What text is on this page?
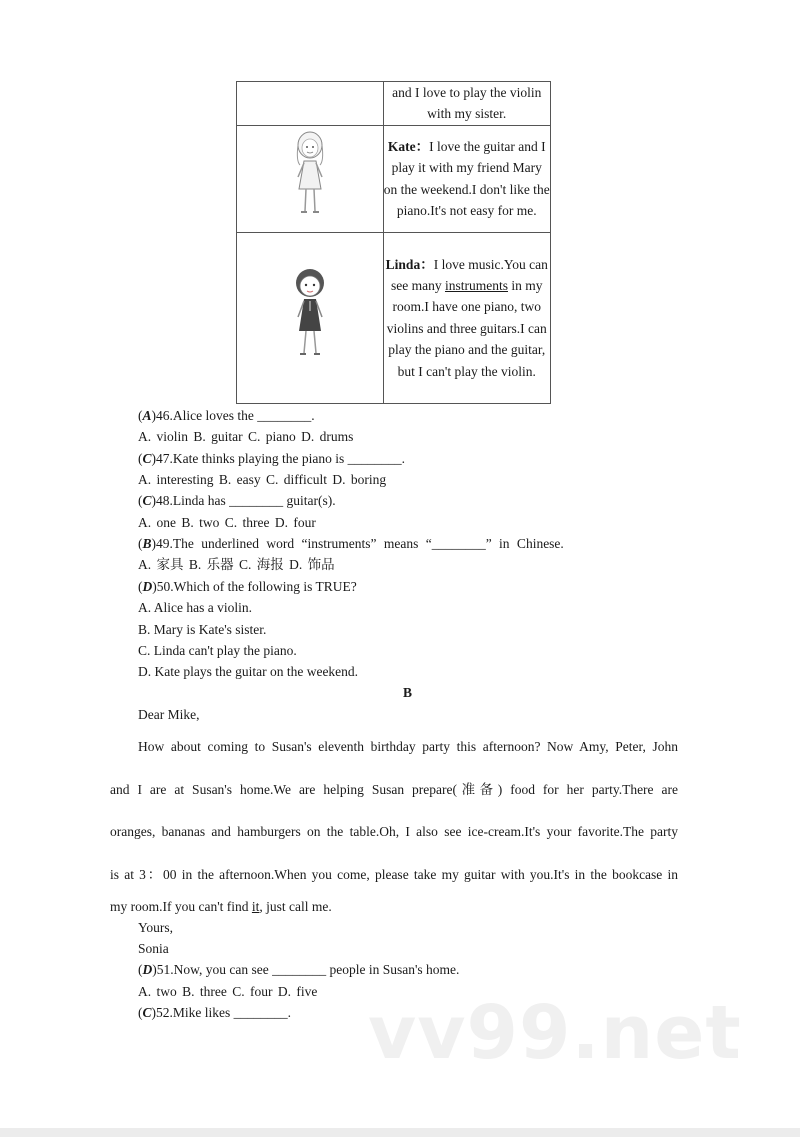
	and I love to play the violin with my sister.
	Kate：I love the guitar and I play it with my friend Mary on the weekend.I don't like the piano.It's not easy for me.
	Linda：I love music.You can see many instruments in my room.I have one piano, two violins and three guitars.I can play the piano and the guitar, but I can't play the violin.
(A)46.Alice loves the ________.
A. violin B. guitar C. piano D. drums
(C)47.Kate thinks playing the piano is ________.
A. interesting B. easy C. difficult D. boring
(C)48.Linda has ________ guitar(s).
A. one B. two C. three D. four
(B)49.The underlined word “instruments” means “________” in Chinese.
A. 家具 B. 乐器 C. 海报 D. 饰品
(D)50.Which of the following is TRUE?
A. Alice has a violin.
B. Mary is Kate's sister.
C. Linda can't play the piano.
D. Kate plays the guitar on the weekend.
B
Dear Mike,
How about coming to Susan's eleventh birthday party this afternoon? Now Amy, Peter, John
and I are at Susan's home.We are helping Susan prepare(准备) food for her party.There are
oranges, bananas and hamburgers on the table.Oh, I also see ice-cream.It's your favorite.The party
is at 3：00 in the afternoon.When you come, please take my guitar with you.It's in the bookcase in
my room.If you can't find it, just call me.
Yours,
Sonia
(D)51.Now, you can see ________ people in Susan's home.
A. two B. three C. four D. five
(C)52.Mike likes ________. vv99.net
